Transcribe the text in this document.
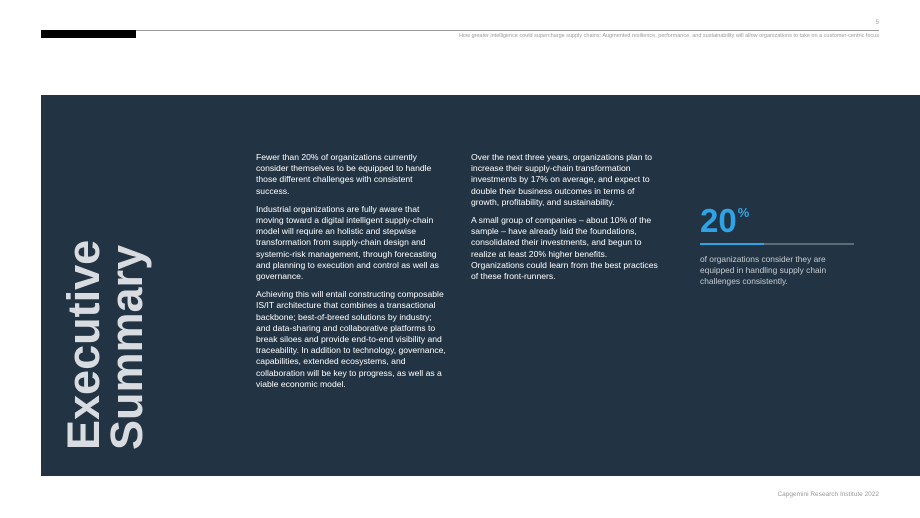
5
How greater intelligence could supercharge supply chains: Augmented resilience, performance, and sustainability will allow organizations to take on a customer-centric focus
Executive
Summary

Fewer than 20% of organizations currently consider themselves to be equipped to handle those different challenges with consistent success.

Industrial organizations are fully aware that moving toward a digital intelligent supply-chain model will require an holistic and stepwise transformation from supply-chain design and systemic-risk management, through forecasting and planning to execution and control as well as governance.

Achieving this will entail constructing composable IS/IT architecture that combines a transactional backbone; best-of-breed solutions by industry; and data-sharing and collaborative platforms to break siloes and provide end-to-end visibility and traceability. In addition to technology, governance, capabilities, extended ecosystems, and collaboration will be key to progress, as well as a viable economic model.

Over the next three years, organizations plan to increase their supply-chain transformation investments by 17% on average, and expect to double their business outcomes in terms of growth, profitability, and sustainability.

A small group of companies – about 10% of the sample – have already laid the foundations, consolidated their investments, and begun to realize at least 20% higher benefits. Organizations could learn from the best practices of these front-runners.

20%
of organizations consider they are equipped in handling supply chain challenges consistently.
Capgemini Research Institute 2022
